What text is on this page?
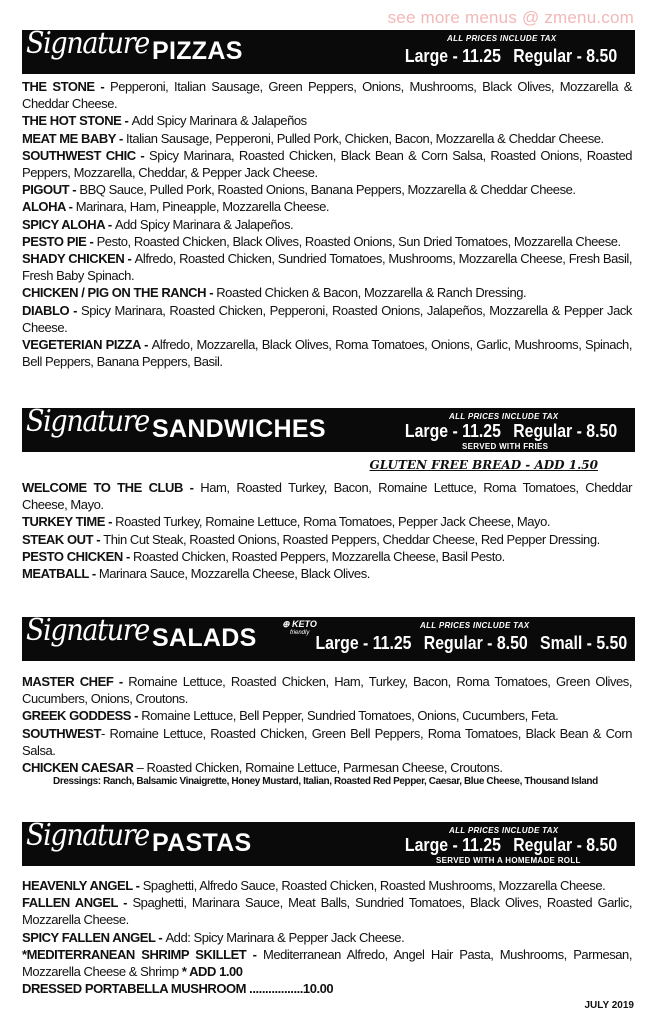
see more menus @ zmenu.com
Signature PIZZAS	ALL PRICES INCLUDE TAX
Large - 11.25 Regular - 8.50
THE STONE - Pepperoni, Italian Sausage, Green Peppers, Onions, Mushrooms, Black Olives, Mozzarella & Cheddar Cheese.
THE HOT STONE - Add Spicy Marinara & Jalapeños
MEAT ME BABY - Italian Sausage, Pepperoni, Pulled Pork, Chicken, Bacon, Mozzarella & Cheddar Cheese.
SOUTHWEST CHIC - Spicy Marinara, Roasted Chicken, Black Bean & Corn Salsa, Roasted Onions, Roasted Peppers, Mozzarella, Cheddar, & Pepper Jack Cheese.
PIGOUT - BBQ Sauce, Pulled Pork, Roasted Onions, Banana Peppers, Mozzarella & Cheddar Cheese.
ALOHA - Marinara, Ham, Pineapple, Mozzarella Cheese.
SPICY ALOHA - Add Spicy Marinara & Jalapeños.
PESTO PIE - Pesto, Roasted Chicken, Black Olives, Roasted Onions, Sun Dried Tomatoes, Mozzarella Cheese.
SHADY CHICKEN - Alfredo, Roasted Chicken, Sundried Tomatoes, Mushrooms, Mozzarella Cheese, Fresh Basil, Fresh Baby Spinach.
CHICKEN / PIG ON THE RANCH - Roasted Chicken & Bacon, Mozzarella & Ranch Dressing.
DIABLO - Spicy Marinara, Roasted Chicken, Pepperoni, Roasted Onions, Jalapeños, Mozzarella & Pepper Jack Cheese.
VEGETERIAN PIZZA - Alfredo, Mozzarella, Black Olives, Roma Tomatoes, Onions, Garlic, Mushrooms, Spinach, Bell Peppers, Banana Peppers, Basil.
Signature SANDWICHES	ALL PRICES INCLUDE TAX
Large - 11.25 Regular - 8.50
SERVED WITH FRIES
GLUTEN FREE BREAD - ADD 1.50
WELCOME TO THE CLUB - Ham, Roasted Turkey, Bacon, Romaine Lettuce, Roma Tomatoes, Cheddar Cheese, Mayo.
TURKEY TIME - Roasted Turkey, Romaine Lettuce, Roma Tomatoes, Pepper Jack Cheese, Mayo.
STEAK OUT - Thin Cut Steak, Roasted Onions, Roasted Peppers, Cheddar Cheese, Red Pepper Dressing.
PESTO CHICKEN - Roasted Chicken, Roasted Peppers, Mozzarella Cheese, Basil Pesto.
MEATBALL - Marinara Sauce, Mozzarella Cheese, Black Olives.
Signature SALADS	⊕ KETO
friendly
ALL PRICES INCLUDE TAX
Large - 11.25 Regular - 8.50 Small - 5.50
MASTER CHEF - Romaine Lettuce, Roasted Chicken, Ham, Turkey, Bacon, Roma Tomatoes, Green Olives, Cucumbers, Onions, Croutons.
GREEK GODDESS - Romaine Lettuce, Bell Pepper, Sundried Tomatoes, Onions, Cucumbers, Feta.
SOUTHWEST- Romaine Lettuce, Roasted Chicken, Green Bell Peppers, Roma Tomatoes, Black Bean & Corn Salsa.
CHICKEN CAESAR – Roasted Chicken, Romaine Lettuce, Parmesan Cheese, Croutons.
Dressings: Ranch, Balsamic Vinaigrette, Honey Mustard, Italian, Roasted Red Pepper, Caesar, Blue Cheese, Thousand Island
Signature PASTAS	ALL PRICES INCLUDE TAX
Large - 11.25 Regular - 8.50
SERVED WITH A HOMEMADE ROLL
HEAVENLY ANGEL - Spaghetti, Alfredo Sauce, Roasted Chicken, Roasted Mushrooms, Mozzarella Cheese.
FALLEN ANGEL - Spaghetti, Marinara Sauce, Meat Balls, Sundried Tomatoes, Black Olives, Roasted Garlic, Mozzarella Cheese.
SPICY FALLEN ANGEL - Add: Spicy Marinara & Pepper Jack Cheese.
*MEDITERRANEAN SHRIMP SKILLET - Mediterranean Alfredo, Angel Hair Pasta, Mushrooms, Parmesan, Mozzarella Cheese & Shrimp * ADD 1.00
DRESSED PORTABELLA MUSHROOM .................10.00
JULY 2019
